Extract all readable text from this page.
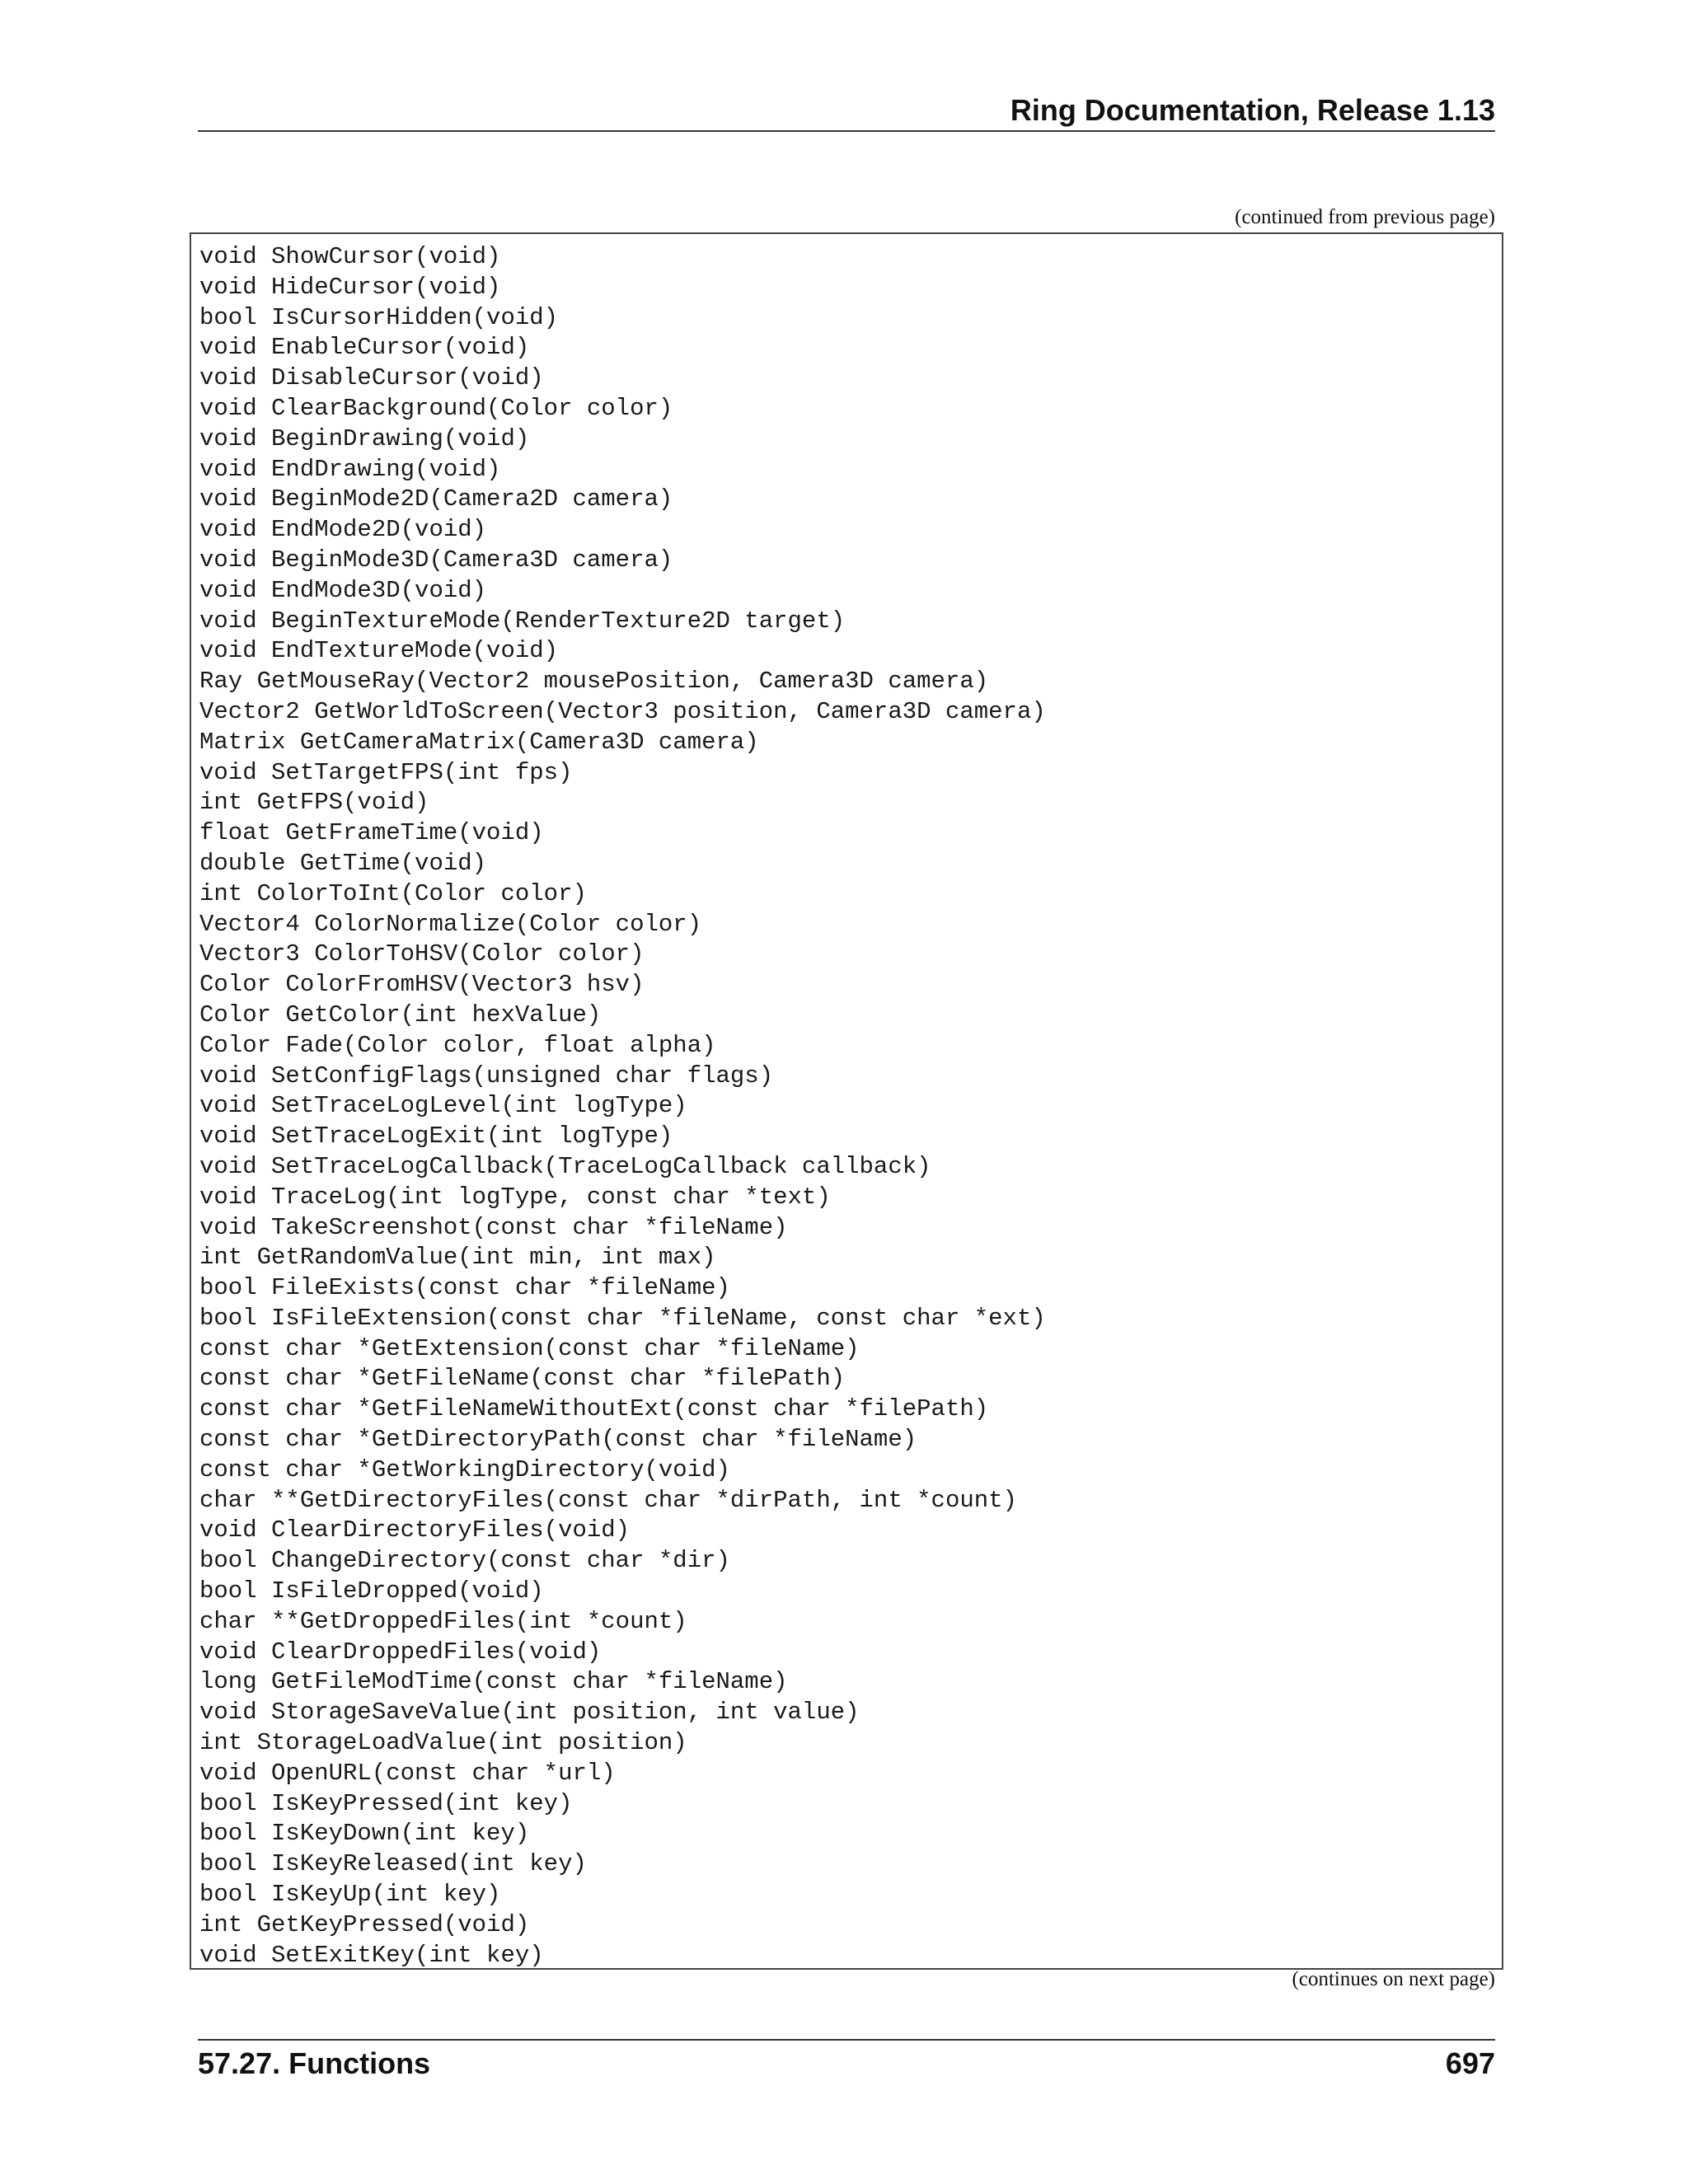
Ring Documentation, Release 1.13
(continued from previous page)
void ShowCursor(void)
void HideCursor(void)
bool IsCursorHidden(void)
void EnableCursor(void)
void DisableCursor(void)
void ClearBackground(Color color)
void BeginDrawing(void)
void EndDrawing(void)
void BeginMode2D(Camera2D camera)
void EndMode2D(void)
void BeginMode3D(Camera3D camera)
void EndMode3D(void)
void BeginTextureMode(RenderTexture2D target)
void EndTextureMode(void)
Ray GetMouseRay(Vector2 mousePosition, Camera3D camera)
Vector2 GetWorldToScreen(Vector3 position, Camera3D camera)
Matrix GetCameraMatrix(Camera3D camera)
void SetTargetFPS(int fps)
int GetFPS(void)
float GetFrameTime(void)
double GetTime(void)
int ColorToInt(Color color)
Vector4 ColorNormalize(Color color)
Vector3 ColorToHSV(Color color)
Color ColorFromHSV(Vector3 hsv)
Color GetColor(int hexValue)
Color Fade(Color color, float alpha)
void SetConfigFlags(unsigned char flags)
void SetTraceLogLevel(int logType)
void SetTraceLogExit(int logType)
void SetTraceLogCallback(TraceLogCallback callback)
void TraceLog(int logType, const char *text)
void TakeScreenshot(const char *fileName)
int GetRandomValue(int min, int max)
bool FileExists(const char *fileName)
bool IsFileExtension(const char *fileName, const char *ext)
const char *GetExtension(const char *fileName)
const char *GetFileName(const char *filePath)
const char *GetFileNameWithoutExt(const char *filePath)
const char *GetDirectoryPath(const char *fileName)
const char *GetWorkingDirectory(void)
char **GetDirectoryFiles(const char *dirPath, int *count)
void ClearDirectoryFiles(void)
bool ChangeDirectory(const char *dir)
bool IsFileDropped(void)
char **GetDroppedFiles(int *count)
void ClearDroppedFiles(void)
long GetFileModTime(const char *fileName)
void StorageSaveValue(int position, int value)
int StorageLoadValue(int position)
void OpenURL(const char *url)
bool IsKeyPressed(int key)
bool IsKeyDown(int key)
bool IsKeyReleased(int key)
bool IsKeyUp(int key)
int GetKeyPressed(void)
void SetExitKey(int key)
(continues on next page)
57.27. Functions	697
